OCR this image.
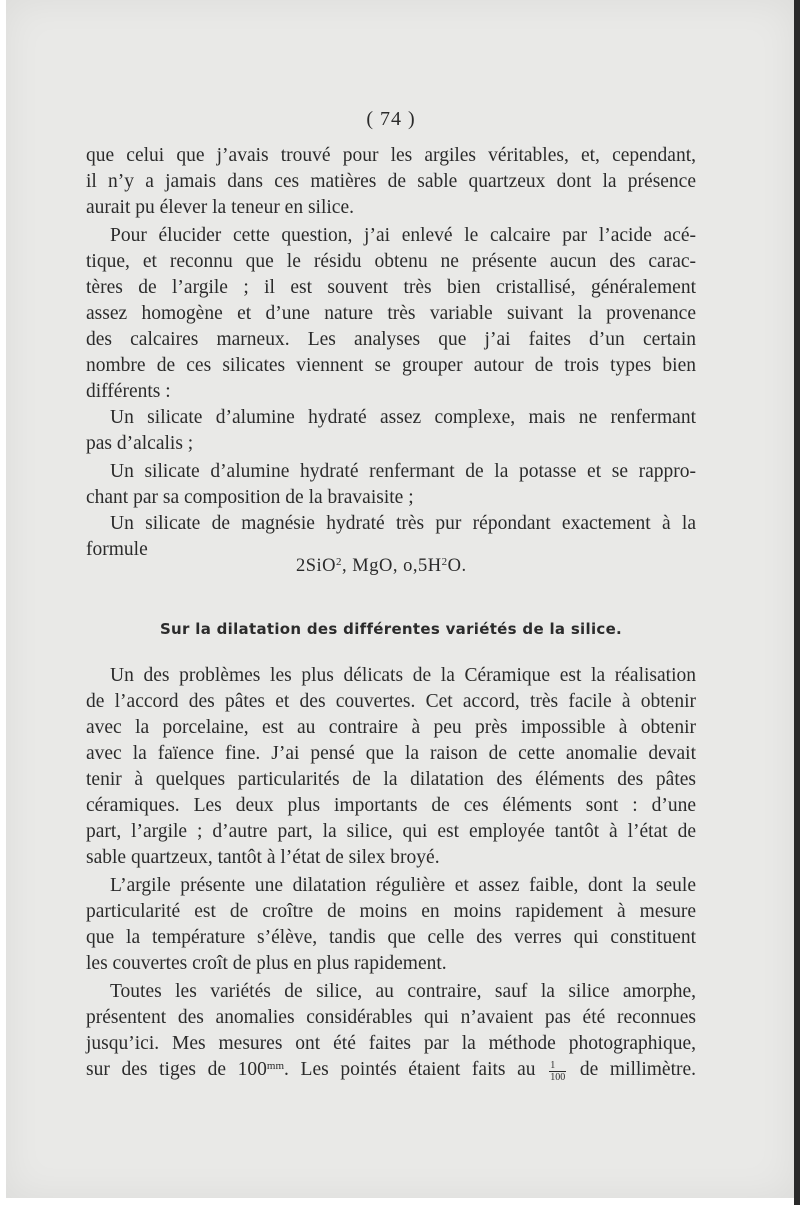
( 74 )
que celui que j’avais trouvé pour les argiles véritables, et, cependant,
il n’y a jamais dans ces matières de sable quartzeux dont la présence
aurait pu élever la teneur en silice.
Pour élucider cette question, j’ai enlevé le calcaire par l’acide acé-
tique, et reconnu que le résidu obtenu ne présente aucun des carac-
tères de l’argile ; il est souvent très bien cristallisé, généralement
assez homogène et d’une nature très variable suivant la provenance
des calcaires marneux. Les analyses que j’ai faites d’un certain
nombre de ces silicates viennent se grouper autour de trois types bien
différents :
Un silicate d’alumine hydraté assez complexe, mais ne renfermant
pas d’alcalis ;
Un silicate d’alumine hydraté renfermant de la potasse et se rappro-
chant par sa composition de la bravaisite ;
Un silicate de magnésie hydraté très pur répondant exactement à la
formule
2SiO$^2$, MgO, $o,5H^2O$.
Sur la dilatation des différentes variétés de la silice.
Un des problèmes les plus délicats de la Céramique est la réalisation
de l’accord des pâtes et des couvertes. Cet accord, très facile à obtenir
avec la porcelaine, est au contraire à peu près impossible à obtenir
avec la faïence fine. J’ai pensé que la raison de cette anomalie devait
tenir à quelques particularités de la dilatation des éléments des pâtes
céramiques. Les deux plus importants de ces éléments sont : d’une
part, l’argile ; d’autre part, la silice, qui est employée tantôt à l’état de
sable quartzeux, tantôt à l’état de silex broyé.
L’argile présente une dilatation régulière et assez faible, dont la seule
particularité est de croître de moins en moins rapidement à mesure
que la température s’élève, tandis que celle des verres qui constituent
les couvertes croît de plus en plus rapidement.
Toutes les variétés de silice, au contraire, sauf la silice amorphe,
présentent des anomalies considérables qui n’avaient pas été reconnues
jusqu’ici. Mes mesures ont été faites par la méthode photographique,
sur des tiges de $100^{mm}$. Les pointés étaient faits au $\frac{1}{100}$ de millimètre.
